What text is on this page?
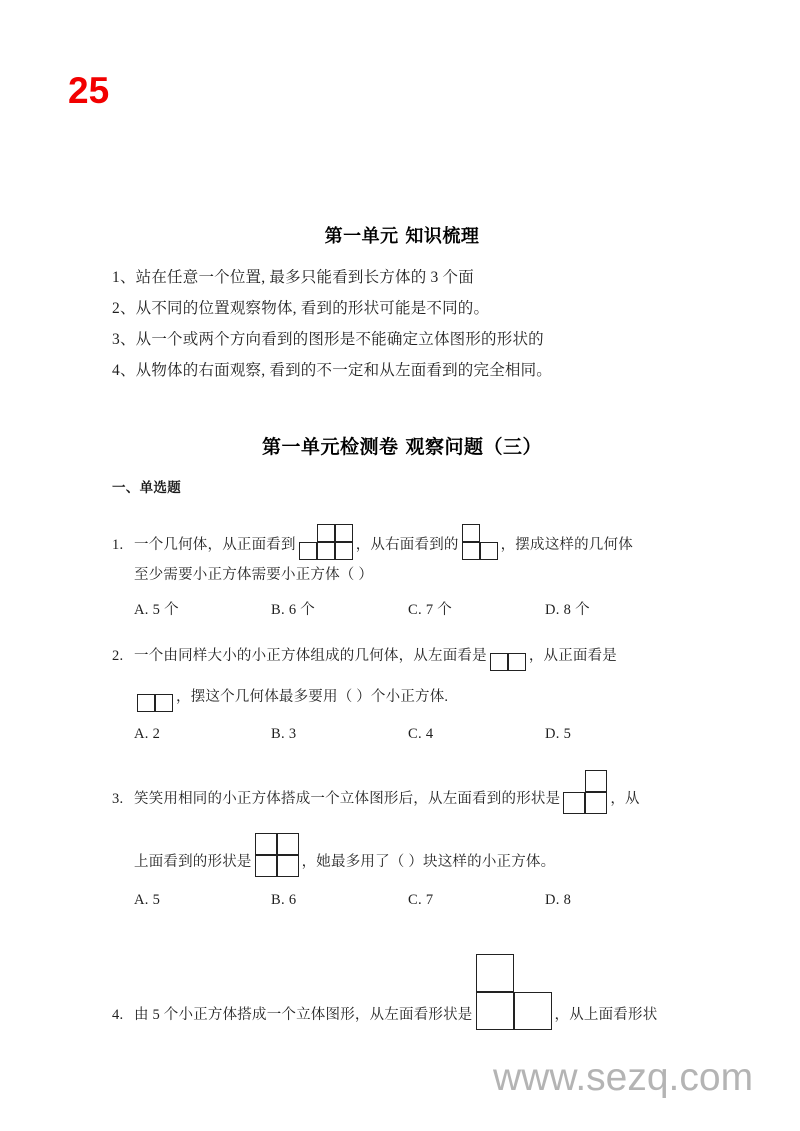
25
第一单元 知识梳理
1、站在任意一个位置, 最多只能看到长方体的 3 个面
2、从不同的位置观察物体, 看到的形状可能是不同的。
3、从一个或两个方向看到的图形是不能确定立体图形的形状的
4、从物体的右面观察, 看到的不一定和从左面看到的完全相同。
第一单元检测卷 观察问题（三）
一、单选题
1. 一个几何体，从正面看到	，从右面看到的	，摆成这样的几何体
至少需要小正方体需要小正方体（ ）
A. 5 个	B. 6 个	C. 7 个	D. 8 个
2. 一个由同样大小的小正方体组成的几何体，从左面看是	，从正面看是
，摆这个几何体最多要用（ ）个小正方体.
A. 2	B. 3	C. 4	D. 5
3. 笑笑用相同的小正方体搭成一个立体图形后，从左面看到的形状是	，从
上面看到的形状是	，她最多用了（ ）块这样的小正方体。
A. 5	B. 6	C. 7	D. 8
4. 由 5 个小正方体搭成一个立体图形，从左面看形状是	，从上面看形状
www.sezq.com
